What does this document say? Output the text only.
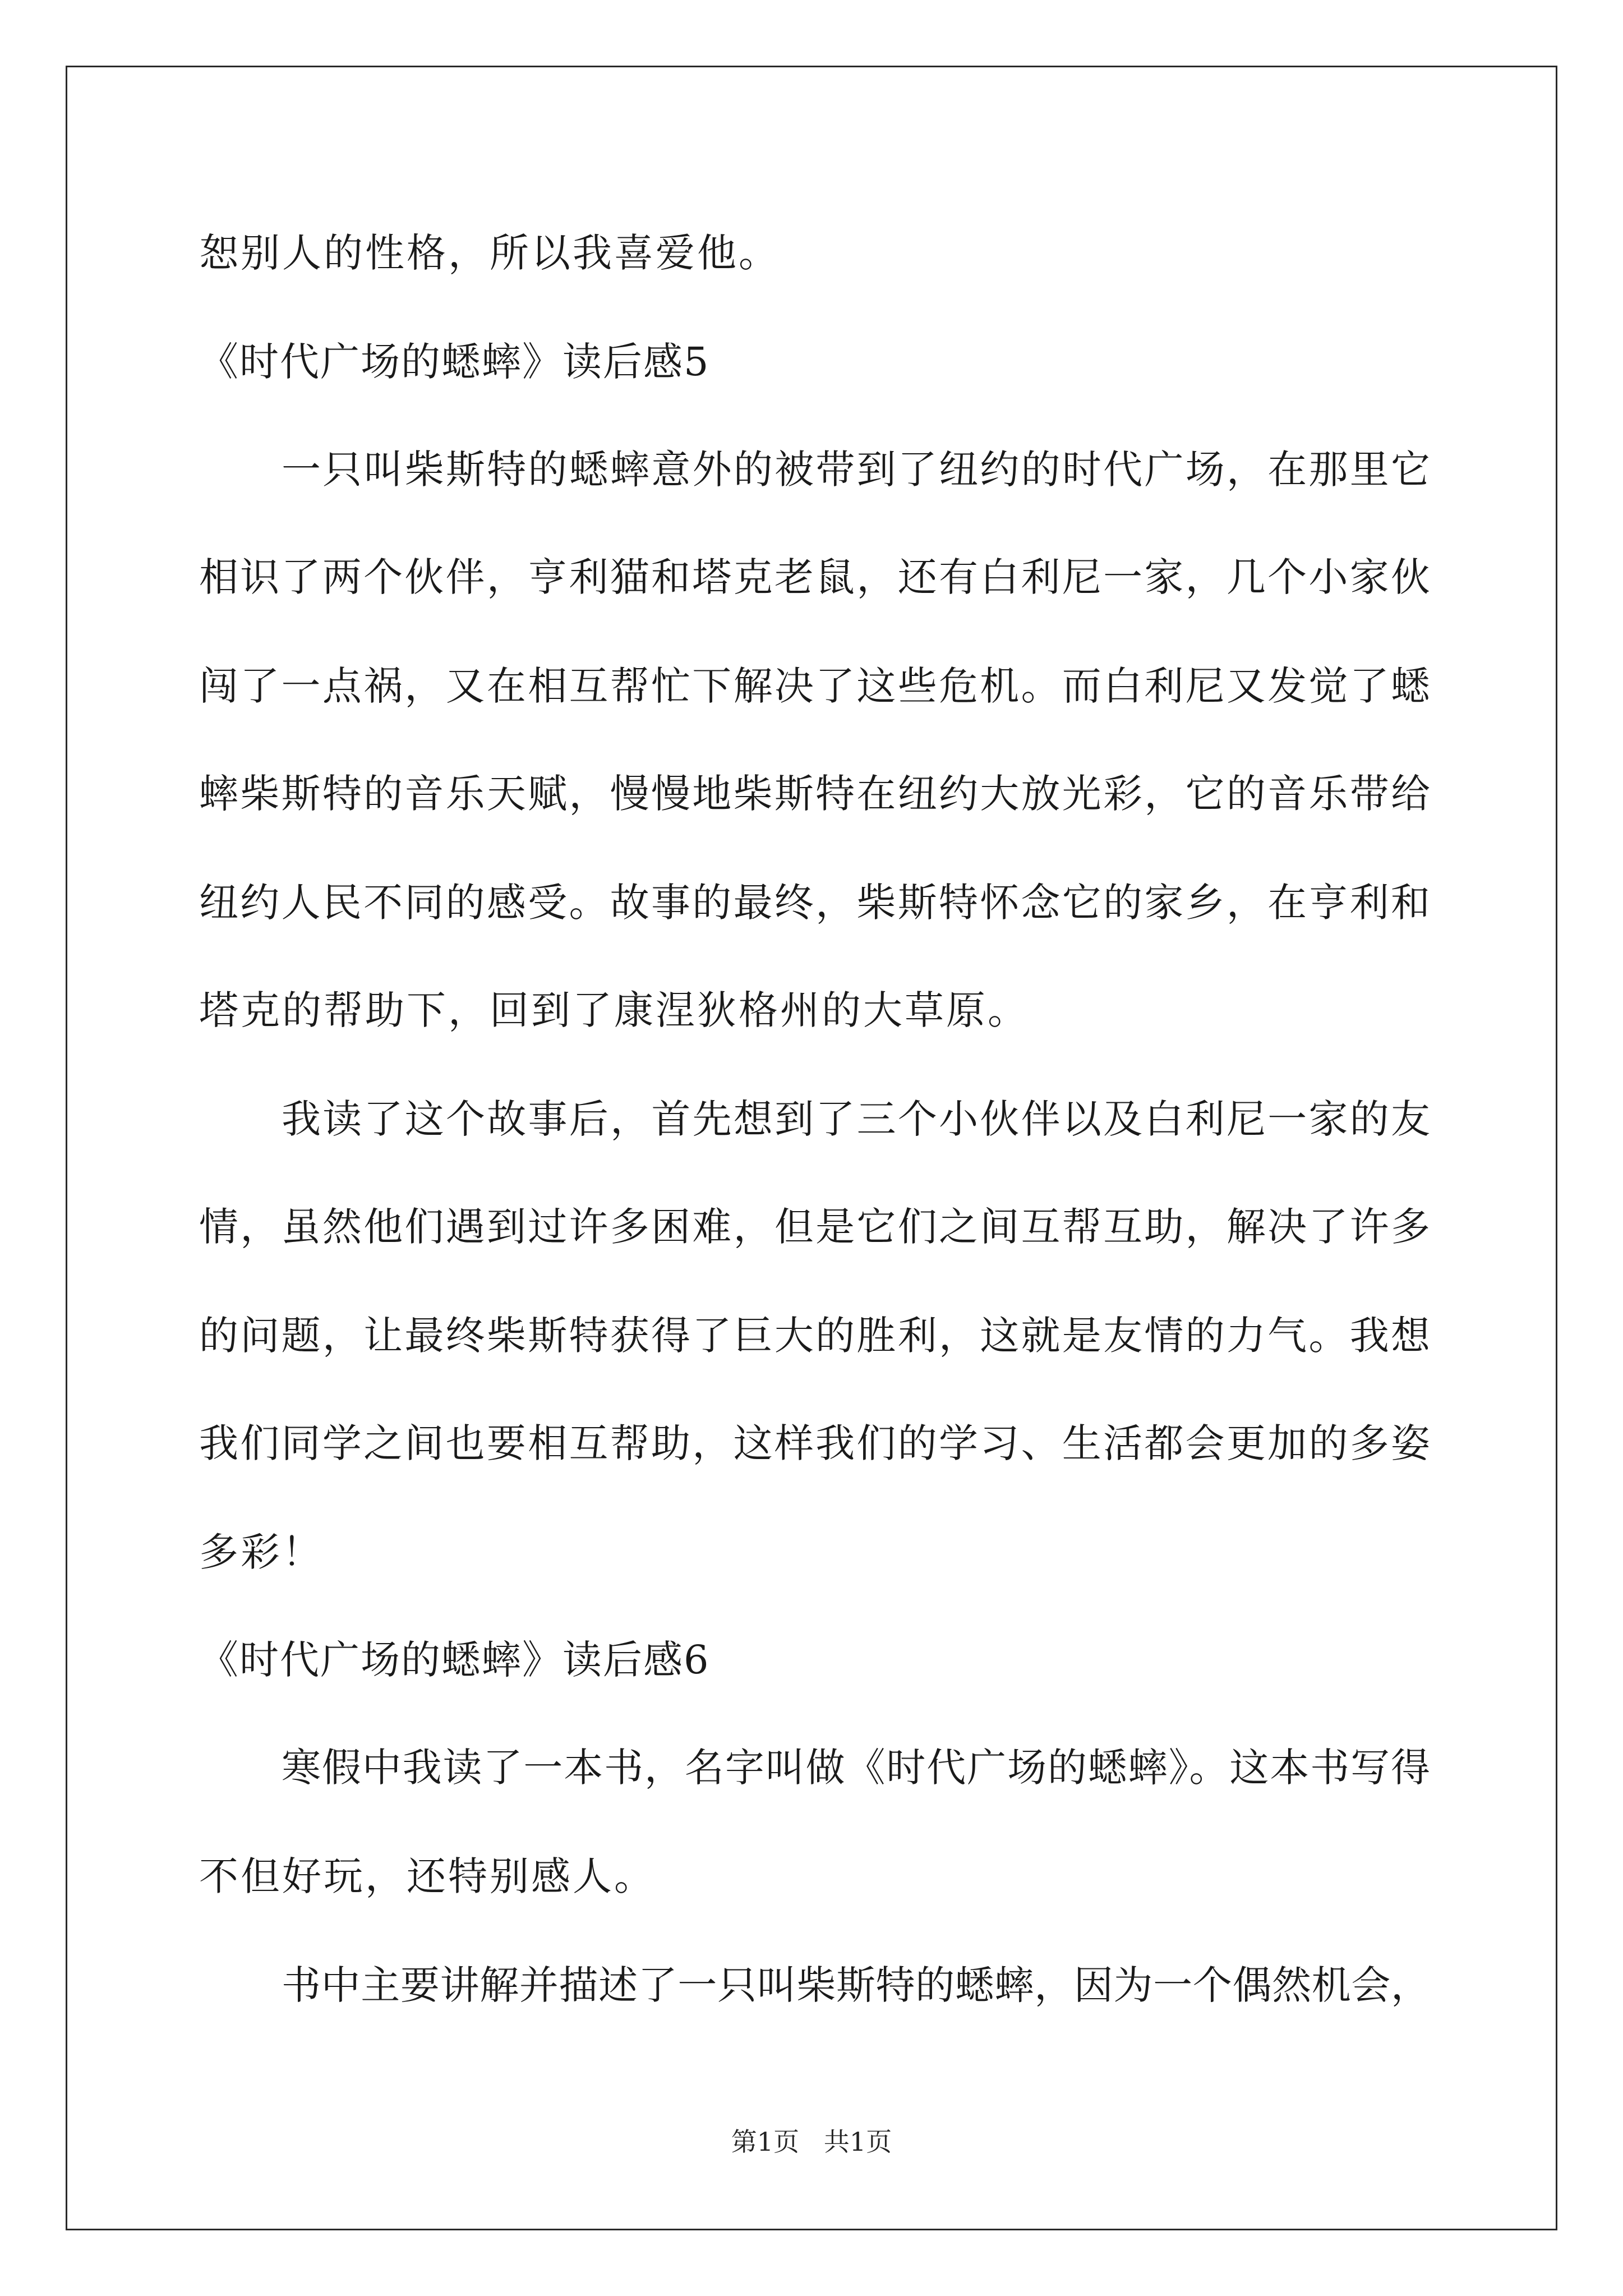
恕别人的性格，所以我喜爱他。
《时代广场的蟋蟀》读后感5
一只叫柴斯特的蟋蟀意外的被带到了纽约的时代广场，在那里它
相识了两个伙伴，亨利猫和塔克老鼠，还有白利尼一家，几个小家伙
闯了一点祸，又在相互帮忙下解决了这些危机。而白利尼又发觉了蟋
蟀柴斯特的音乐天赋，慢慢地柴斯特在纽约大放光彩，它的音乐带给
纽约人民不同的感受。故事的最终，柴斯特怀念它的家乡，在亨利和
塔克的帮助下，回到了康涅狄格州的大草原。
我读了这个故事后，首先想到了三个小伙伴以及白利尼一家的友
情，虽然他们遇到过许多困难，但是它们之间互帮互助，解决了许多
的问题，让最终柴斯特获得了巨大的胜利，这就是友情的力气。我想
我们同学之间也要相互帮助，这样我们的学习、生活都会更加的多姿
多彩！
《时代广场的蟋蟀》读后感6
寒假中我读了一本书，名字叫做《时代广场的蟋蟀》。这本书写得
不但好玩，还特别感人。
书中主要讲解并描述了一只叫柴斯特的蟋蟀，因为一个偶然机会，
第1页   共1页
